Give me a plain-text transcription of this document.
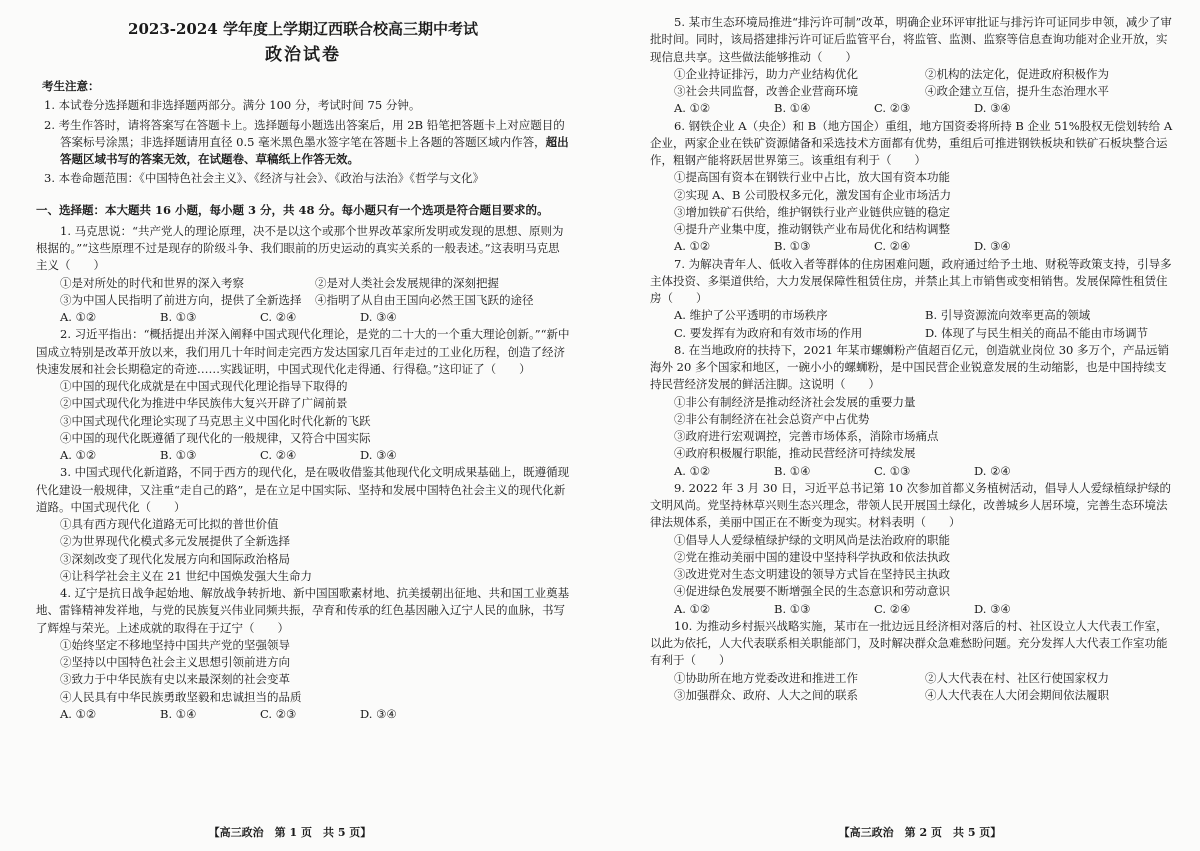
2023-2024 学年度上学期辽西联合校高三期中考试
政治试卷
考生注意：
1. 本试卷分选择题和非选择题两部分。满分 100 分，考试时间 75 分钟。
2. 考生作答时，请将答案写在答题卡上。选择题每小题选出答案后，用 2B 铅笔把答题卡上对应题目的答案标号涂黑；非选择题请用直径 0.5 毫米黑色墨水签字笔在答题卡上各题的答题区域内作答，超出答题区域书写的答案无效，在试题卷、草稿纸上作答无效。
3. 本卷命题范围：《中国特色社会主义》、《经济与社会》、《政治与法治》《哲学与文化》
一、选择题：本大题共 16 小题，每小题 3 分，共 48 分。每小题只有一个选项是符合题目要求的。
1. 马克思说：“共产党人的理论原理，决不是以这个或那个世界改革家所发明或发现的思想、原则为根据的。”“这些原理不过是现存的阶级斗争、我们眼前的历史运动的真实关系的一般表述。”这表明马克思主义（　　）
①是对所处的时代和世界的深入考察	②是对人类社会发展规律的深刻把握
③为中国人民指明了前进方向，提供了全新选择	④指明了从自由王国向必然王国飞跃的途径
A. ①②	B. ①③	C. ②④	D. ③④
2. 习近平指出：“概括提出并深入阐释中国式现代化理论，是党的二十大的一个重大理论创新。”“新中国成立特别是改革开放以来，我们用几十年时间走完西方发达国家几百年走过的工业化历程，创造了经济快速发展和社会长期稳定的奇迹……实践证明，中国式现代化走得通、行得稳。”这印证了（　　）
①中国的现代化成就是在中国式现代化理论指导下取得的
②中国式现代化为推进中华民族伟大复兴开辟了广阔前景
③中国式现代化理论实现了马克思主义中国化时代化新的飞跃
④中国的现代化既遵循了现代化的一般规律，又符合中国实际
A. ①②	B. ①③	C. ②④	D. ③④
3. 中国式现代化新道路，不同于西方的现代化，是在吸收借鉴其他现代化文明成果基础上，既遵循现代化建设一般规律，又注重“走自己的路”，是在立足中国实际、坚持和发展中国特色社会主义的现代化新道路。中国式现代化（　　）
①具有西方现代化道路无可比拟的普世价值
②为世界现代化模式多元发展提供了全新选择
③深刻改变了现代化发展方向和国际政治格局
④让科学社会主义在 21 世纪中国焕发强大生命力
4. 辽宁是抗日战争起始地、解放战争转折地、新中国国歌素材地、抗美援朝出征地、共和国工业奠基地、雷锋精神发祥地，与党的民族复兴伟业同频共振，孕育和传承的红色基因融入辽宁人民的血脉，书写了辉煌与荣光。上述成就的取得在于辽宁（　　）
①始终坚定不移地坚持中国共产党的坚强领导
②坚持以中国特色社会主义思想引领前进方向
③致力于中华民族有史以来最深刻的社会变革
④人民具有中华民族勇敢坚毅和忠诚担当的品质
A. ①②	B. ①④	C. ②③	D. ③④
【高三政治　第 1 页　共 5 页】
5. 某市生态环境局推进“排污许可制”改革，明确企业环评审批证与排污许可证同步申领，减少了审批时间。同时，该局搭建排污许可证后监管平台，将监管、监测、监察等信息查询功能对企业开放，实现信息共享。这些做法能够推动（　　）
①企业持证排污，助力产业结构优化	②机构的法定化，促进政府积极作为
③社会共同监督，改善企业营商环境	④政企建立互信，提升生态治理水平
A. ①②	B. ①④	C. ②③	D. ③④
6. 钢铁企业 A（央企）和 B（地方国企）重组，地方国资委将所持 B 企业 51%股权无偿划转给 A 企业，两家企业在铁矿资源储备和采选技术方面都有优势，重组后可推进钢铁板块和铁矿石板块整合运作，粗钢产能将跃居世界第三。该重组有利于（　　）
①提高国有资本在钢铁行业中占比，放大国有资本功能
②实现 A、B 公司股权多元化，激发国有企业市场活力
③增加铁矿石供给，维护钢铁行业产业链供应链的稳定
④提升产业集中度，推动钢铁产业布局优化和结构调整
A. ①②	B. ①③	C. ②④	D. ③④
7. 为解决青年人、低收入者等群体的住房困难问题，政府通过给予土地、财税等政策支持，引导多主体投资、多渠道供给，大力发展保障性租赁住房，并禁止其上市销售或变相销售。发展保障性租赁住房（　　）
A. 维护了公平透明的市场秩序	B. 引导资源流向效率更高的领域
C. 要发挥有为政府和有效市场的作用	D. 体现了与民生相关的商品不能由市场调节
8. 在当地政府的扶持下，2021 年某市螺蛳粉产值超百亿元，创造就业岗位 30 多万个，产品远销海外 20 多个国家和地区，一碗小小的螺蛳粉，是中国民营企业锐意发展的生动缩影，也是中国持续支持民营经济发展的鲜活注脚。这说明（　　）
①非公有制经济是推动经济社会发展的重要力量
②非公有制经济在社会总资产中占优势
③政府进行宏观调控，完善市场体系，消除市场痛点
④政府积极履行职能，推动民营经济可持续发展
A. ①②	B. ①④	C. ①③	D. ②④
9. 2022 年 3 月 30 日，习近平总书记第 10 次参加首都义务植树活动，倡导人人爱绿植绿护绿的文明风尚。党坚持林草兴则生态兴理念，带领人民开展国土绿化，改善城乡人居环境，完善生态环境法律法规体系，美丽中国正在不断变为现实。材料表明（　　）
①倡导人人爱绿植绿护绿的文明风尚是法治政府的职能
②党在推动美丽中国的建设中坚持科学执政和依法执政
③改进党对生态文明建设的领导方式旨在坚持民主执政
④促进绿色发展要不断增强全民的生态意识和劳动意识
A. ①②	B. ①③	C. ②④	D. ③④
10. 为推动乡村振兴战略实施，某市在一批边远且经济相对落后的村、社区设立人大代表工作室，以此为依托，人大代表联系相关职能部门，及时解决群众急难愁盼问题。充分发挥人大代表工作室功能有利于（　　）
①协助所在地方党委改进和推进工作	②人大代表在村、社区行使国家权力
③加强群众、政府、人大之间的联系	④人大代表在人大闭会期间依法履职
【高三政治　第 2 页　共 5 页】
